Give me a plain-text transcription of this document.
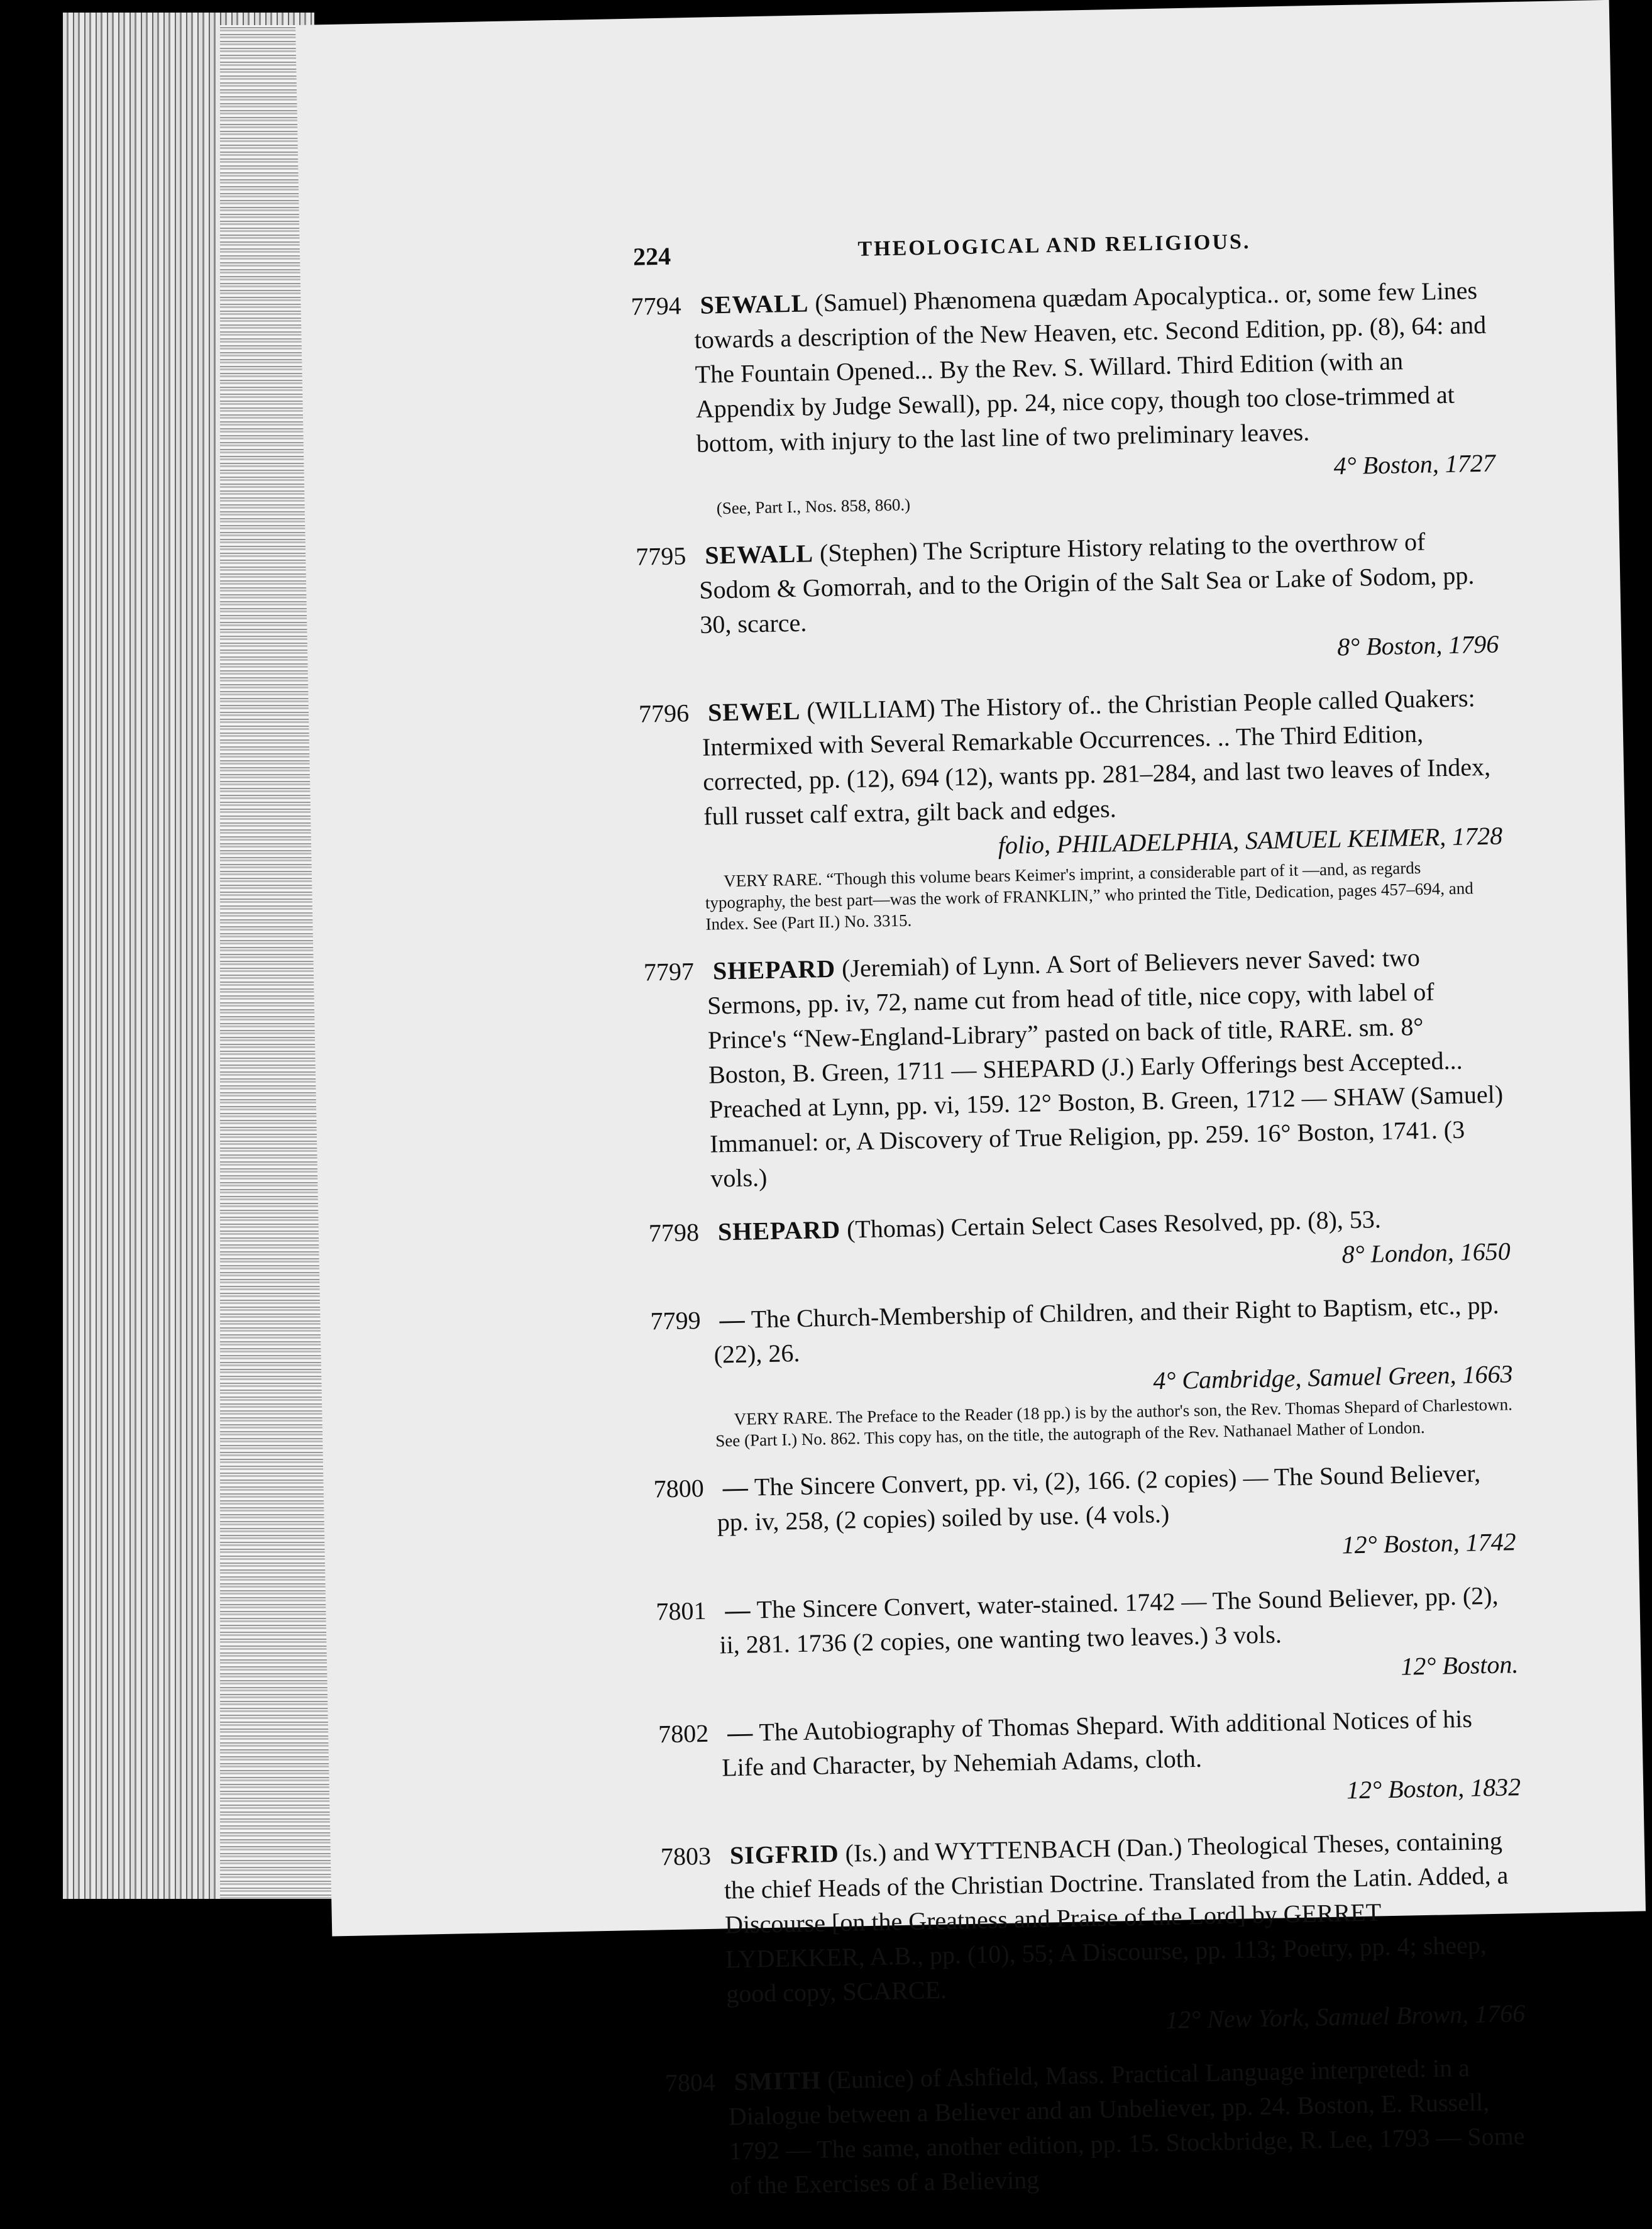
224	THEOLOGICAL AND RELIGIOUS.
7794 SEWALL (Samuel) Phænomena quædam Apocalyptica.. or, some few Lines towards a description of the New Heaven, etc. Second Edition, pp. (8), 64: and The Fountain Opened... By the Rev. S. Willard. Third Edition (with an Appendix by Judge Sewall), pp. 24, nice copy, though too close-trimmed at bottom, with injury to the last line of two preliminary leaves.
4° Boston, 1727
(See, Part I., Nos. 858, 860.)
7795 SEWALL (Stephen) The Scripture History relating to the overthrow of Sodom & Gomorrah, and to the Origin of the Salt Sea or Lake of Sodom, pp. 30, scarce.
8° Boston, 1796
7796 SEWEL (WILLIAM) The History of.. the Christian People called Quakers: Intermixed with Several Remarkable Occurrences. .. The Third Edition, corrected, pp. (12), 694 (12), wants pp. 281–284, and last two leaves of Index, full russet calf extra, gilt back and edges.
folio, PHILADELPHIA, SAMUEL KEIMER, 1728
VERY RARE. “Though this volume bears Keimer's imprint, a considerable part of it —and, as regards typography, the best part—was the work of FRANKLIN,” who printed the Title, Dedication, pages 457–694, and Index. See (Part II.) No. 3315.
7797 SHEPARD (Jeremiah) of Lynn. A Sort of Believers never Saved: two Sermons, pp. iv, 72, name cut from head of title, nice copy, with label of Prince's “New-England-Library” pasted on back of title, RARE. sm. 8° Boston, B. Green, 1711 — SHEPARD (J.) Early Offerings best Accepted... Preached at Lynn, pp. vi, 159. 12° Boston, B. Green, 1712 — SHAW (Samuel) Immanuel: or, A Discovery of True Religion, pp. 259. 16° Boston, 1741. (3 vols.)
7798 SHEPARD (Thomas) Certain Select Cases Resolved, pp. (8), 53.
8° London, 1650
7799 — The Church-Membership of Children, and their Right to Baptism, etc., pp. (22), 26.
4° Cambridge, Samuel Green, 1663
VERY RARE. The Preface to the Reader (18 pp.) is by the author's son, the Rev. Thomas Shepard of Charlestown. See (Part I.) No. 862. This copy has, on the title, the autograph of the Rev. Nathanael Mather of London.
7800 — The Sincere Convert, pp. vi, (2), 166. (2 copies) — The Sound Believer, pp. iv, 258, (2 copies) soiled by use. (4 vols.)
12° Boston, 1742
7801 — The Sincere Convert, water-stained. 1742 — The Sound Believer, pp. (2), ii, 281. 1736 (2 copies, one wanting two leaves.) 3 vols.
12° Boston.
7802 — The Autobiography of Thomas Shepard. With additional Notices of his Life and Character, by Nehemiah Adams, cloth.
12° Boston, 1832
7803 SIGFRID (Is.) and WYTTENBACH (Dan.) Theological Theses, containing the chief Heads of the Christian Doctrine. Translated from the Latin. Added, a Discourse [on the Greatness and Praise of the Lord] by GERRET LYDEKKER, A.B., pp. (10), 55; A Discourse, pp. 113; Poetry, pp. 4; sheep, good copy, SCARCE.
12° New York, Samuel Brown, 1766
7804 SMITH (Eunice) of Ashfield, Mass. Practical Language interpreted: in a Dialogue between a Believer and an Unbeliever, pp. 24. Boston, E. Russell, 1792 — The same, another edition, pp. 15. Stockbridge, R. Lee, 1793 — Some of the Exercises of a Believing
